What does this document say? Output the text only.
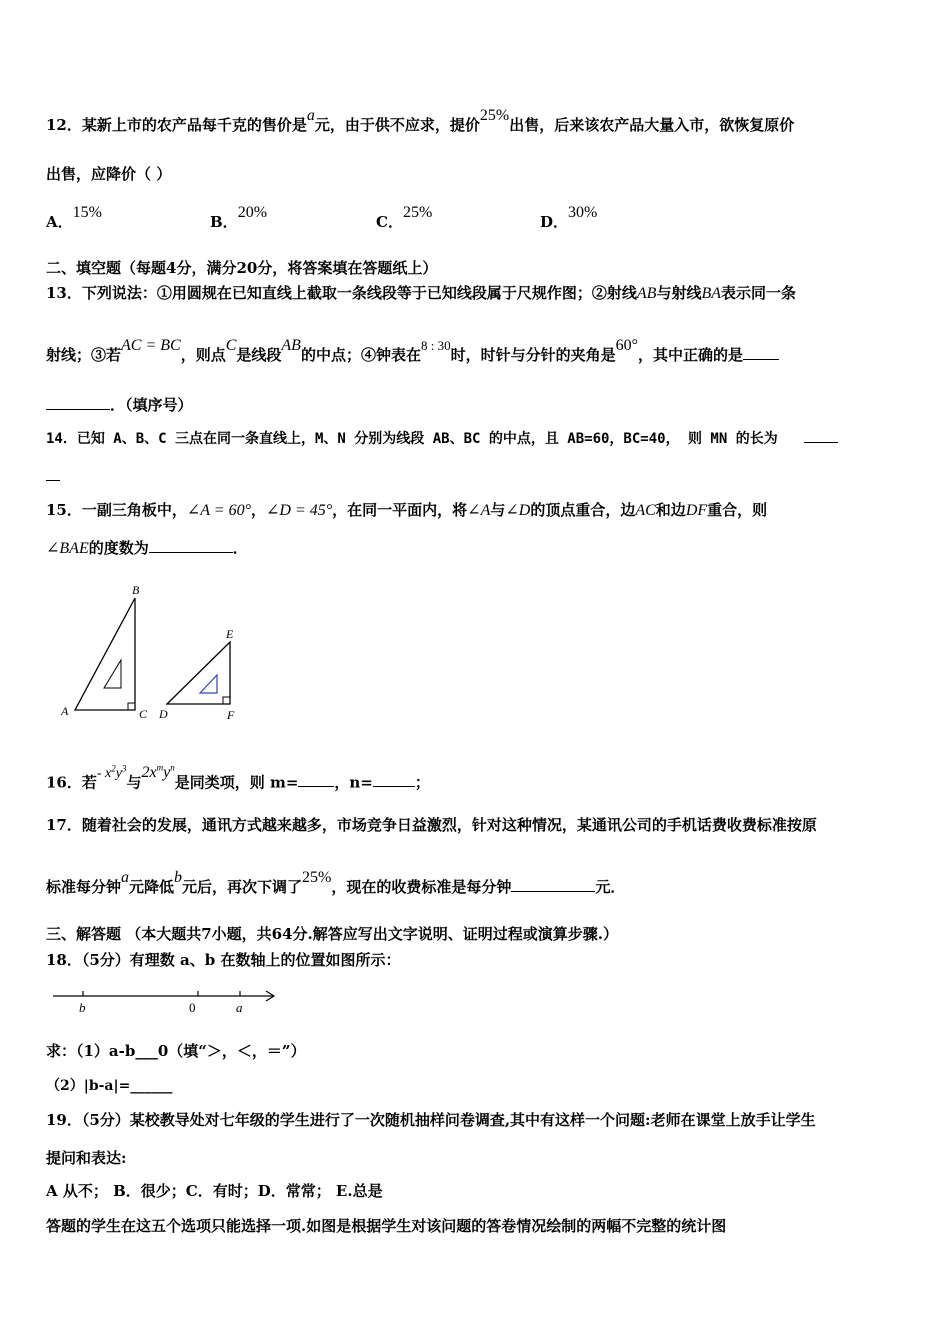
12．某新上市的农产品每千克的售价是a元，由于供不应求，提价25%出售，后来该农产品大量入市，欲恢复原价
出售，应降价（ ）
A．15%
B．20%
C．25%
D．30%
二、填空题（每题4分，满分20分，将答案填在答题纸上）
13．下列说法：①用圆规在已知直线上截取一条线段等于已知线段属于尺规作图；②射线AB与射线BA表示同一条
射线；③若AC = BC，则点C是线段AB的中点；④钟表在8 : 30时，时针与分针的夹角是60°，其中正确的是
．（填序号）
14．已知 A、B、C 三点在同一条直线上，M、N 分别为线段 AB、BC 的中点，且 AB=60，BC=40， 则 MN 的长为
15．一副三角板中，∠A = 60°，∠D = 45°，在同一平面内，将∠A与∠D的顶点重合，边AC和边DF重合，则
∠BAE的度数为	．
B
A	C
E
D	F
16．若- $x^2y^3$与$2x^my^n$是同类项，则 m= ，n=	；
17．随着社会的发展，通讯方式越来越多，市场竞争日益激烈，针对这种情况，某通讯公司的手机话费收费标准按原
标准每分钟a元降低b元后，再次下调了25%，现在的收费标准是每分钟	元．
三、解答题 （本大题共7小题，共64分.解答应写出文字说明、证明过程或演算步骤.）
18．（5分）有理数 a、b 在数轴上的位置如图所示：
b	0	a
求：（1）a-b___0（填“＞，＜，＝”）
（2）|b-a|=______
19．（5分）某校教导处对七年级的学生进行了一次随机抽样问卷调查,其中有这样一个问题:老师在课堂上放手让学生
提问和表达:
A 从不； B．很少；C．有时；D．常常； E.总是
答题的学生在这五个选项只能选择一项.如图是根据学生对该问题的答卷情况绘制的两幅不完整的统计图
